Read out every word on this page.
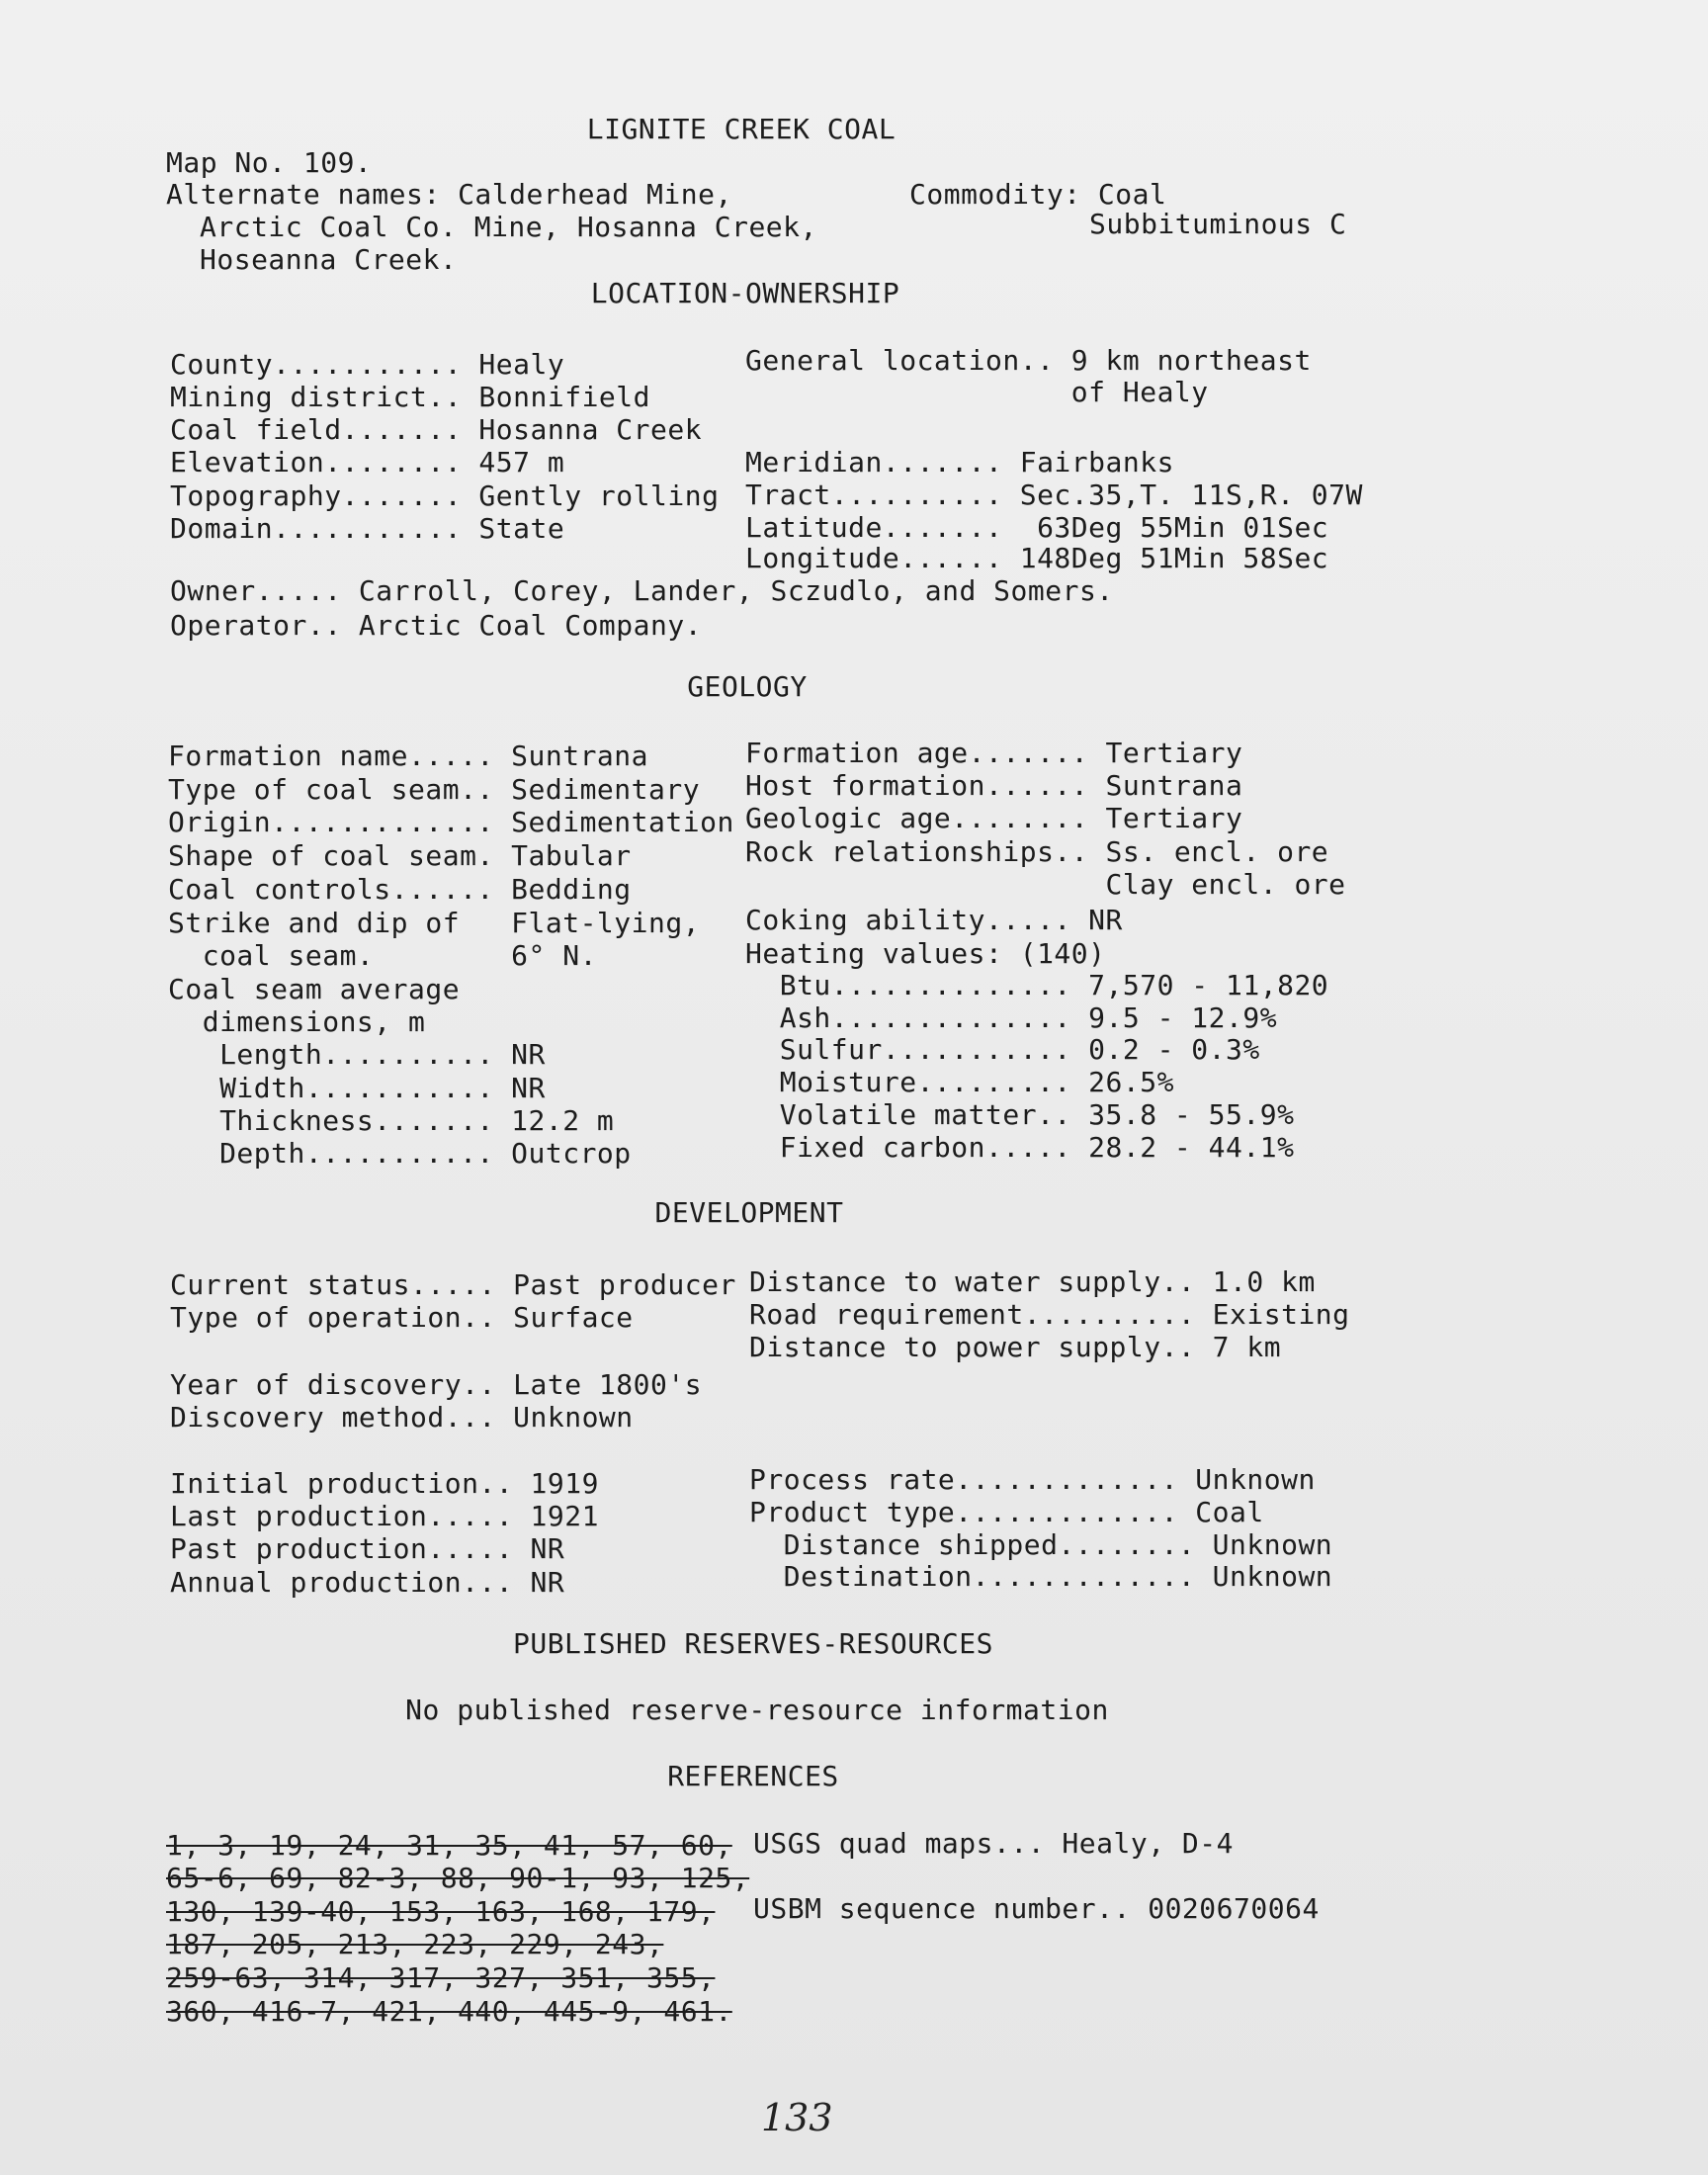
LIGNITE CREEK COAL
Map No. 109.
Alternate names: Calderhead Mine,
Arctic Coal Co. Mine, Hosanna Creek,
Hoseanna Creek.
Commodity: Coal
Subbituminous C
LOCATION-OWNERSHIP
County........... Healy
Mining district.. Bonnifield
Coal field....... Hosanna Creek
Elevation........ 457 m
Topography....... Gently rolling
Domain........... State
General location.. 9 km northeast
of Healy
Meridian....... Fairbanks
Tract.......... Sec.35,T. 11S,R. 07W
Latitude.......  63Deg 55Min 01Sec
Longitude...... 148Deg 51Min 58Sec
Owner..... Carroll, Corey, Lander, Sczudlo, and Somers.
Operator.. Arctic Coal Company.
GEOLOGY
Formation name..... Suntrana
Type of coal seam.. Sedimentary
Origin............. Sedimentation
Shape of coal seam. Tabular
Coal controls...... Bedding
Strike and dip of   Flat-lying,
coal seam.        6° N.
Coal seam average
dimensions, m
Length.......... NR
Width........... NR
Thickness....... 12.2 m
Depth........... Outcrop
Formation age....... Tertiary
Host formation...... Suntrana
Geologic age........ Tertiary
Rock relationships.. Ss. encl. ore
Clay encl. ore
Coking ability..... NR
Heating values: (140)
Btu.............. 7,570 - 11,820
Ash.............. 9.5 - 12.9%
Sulfur........... 0.2 - 0.3%
Moisture......... 26.5%
Volatile matter.. 35.8 - 55.9%
Fixed carbon..... 28.2 - 44.1%
DEVELOPMENT
Current status..... Past producer
Type of operation.. Surface
Year of discovery.. Late 1800's
Discovery method... Unknown
Initial production.. 1919
Last production..... 1921
Past production..... NR
Annual production... NR
Distance to water supply.. 1.0 km
Road requirement.......... Existing
Distance to power supply.. 7 km
Process rate............. Unknown
Product type............. Coal
Distance shipped........ Unknown
Destination............. Unknown
PUBLISHED RESERVES-RESOURCES
No published reserve-resource information
REFERENCES
1, 3, 19, 24, 31, 35, 41, 57, 60,
65-6, 69, 82-3, 88, 90-1, 93, 125,
130, 139-40, 153, 163, 168, 179,
187, 205, 213, 223, 229, 243,
259-63, 314, 317, 327, 351, 355,
360, 416-7, 421, 440, 445-9, 461.
USGS quad maps... Healy, D-4
USBM sequence number.. 0020670064
133
